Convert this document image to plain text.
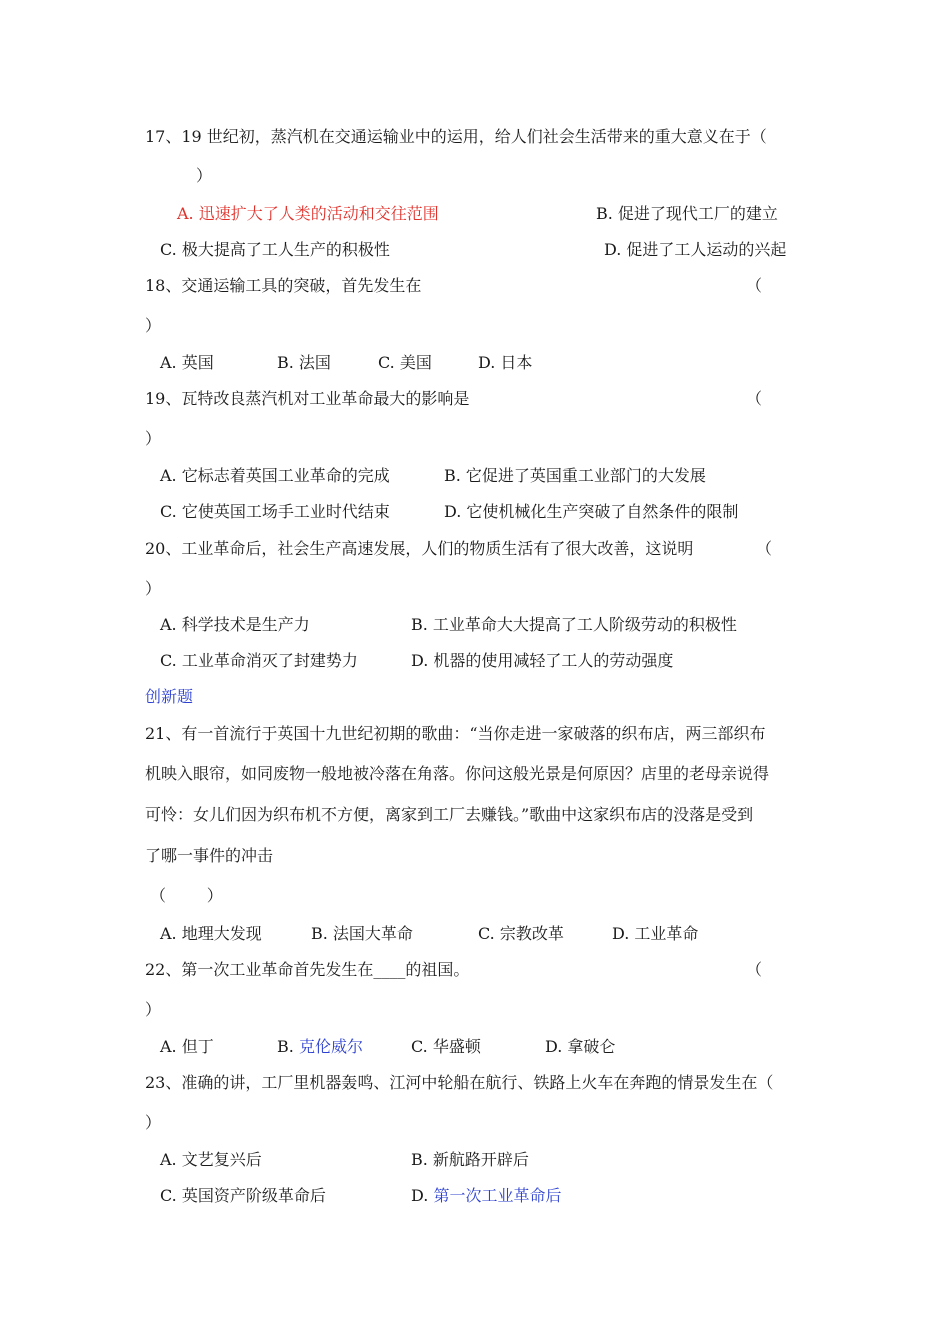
17、19 世纪初，蒸汽机在交通运输业中的运用，给人们社会生活带来的重大意义在于（
）
A. 迅速扩大了人类的活动和交往范围	B. 促进了现代工厂的建立
C. 极大提高了工人生产的积极性	D. 促进了工人运动的兴起
18、交通运输工具的突破，首先发生在	（
）
A. 英国	B. 法国	C. 美国	D. 日本
19、瓦特改良蒸汽机对工业革命最大的影响是	（
）
A. 它标志着英国工业革命的完成	B. 它促进了英国重工业部门的大发展
C. 它使英国工场手工业时代结束	D. 它使机械化生产突破了自然条件的限制
20、工业革命后，社会生产高速发展，人们的物质生活有了很大改善，这说明	（
）
A. 科学技术是生产力	B. 工业革命大大提高了工人阶级劳动的积极性
C. 工业革命消灭了封建势力	D. 机器的使用减轻了工人的劳动强度
创新题
21、有一首流行于英国十九世纪初期的歌曲：“当你走进一家破落的织布店，两三部织布
机映入眼帘，如同废物一般地被冷落在角落。你问这般光景是何原因？店里的老母亲说得
可怜：女儿们因为织布机不方便，离家到工厂去赚钱。”歌曲中这家织布店的没落是受到
了哪一事件的冲击
（        ）
A. 地理大发现	B. 法国大革命	C. 宗教改革	D. 工业革命
22、第一次工业革命首先发生在____的祖国。	（
）
A. 但丁	B. 克伦威尔	C. 华盛顿	D. 拿破仑
23、准确的讲，工厂里机器轰鸣、江河中轮船在航行、铁路上火车在奔跑的情景发生在（
）
A. 文艺复兴后	B. 新航路开辟后
C. 英国资产阶级革命后	D. 第一次工业革命后
